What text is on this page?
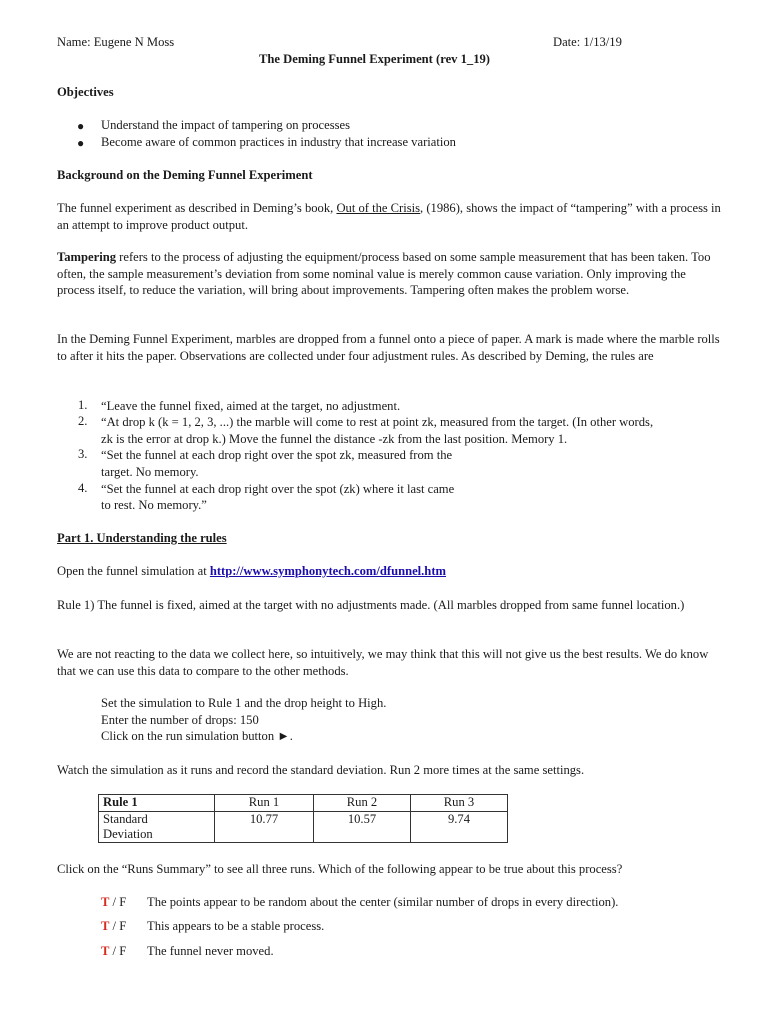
Name: Eugene N Moss	Date: 1/13/19
The Deming Funnel Experiment (rev 1_19)
Objectives
● Understand the impact of tampering on processes
● Become aware of common practices in industry that increase variation
Background on the Deming Funnel Experiment
The funnel experiment as described in Deming’s book, Out of the Crisis, (1986), shows the impact of “tampering” with a process in an attempt to improve product output.
Tampering refers to the process of adjusting the equipment/process based on some sample measurement that has been taken. Too often, the sample measurement’s deviation from some nominal value is merely common cause variation. Only improving the process itself, to reduce the variation, will bring about improvements. Tampering often makes the problem worse.
In the Deming Funnel Experiment, marbles are dropped from a funnel onto a piece of paper. A mark is made where the marble rolls to after it hits the paper. Observations are collected under four adjustment rules. As described by Deming, the rules are
1. “Leave the funnel fixed, aimed at the target, no adjustment.
2. “At drop k (k = 1, 2, 3, ...) the marble will come to rest at point zk, measured from the target. (In other words,
zk is the error at drop k.) Move the funnel the distance -zk from the last position. Memory 1.
3. “Set the funnel at each drop right over the spot zk, measured from the
target. No memory.
4. “Set the funnel at each drop right over the spot (zk) where it last came
to rest. No memory.”
Part 1. Understanding the rules
Open the funnel simulation at http://www.symphonytech.com/dfunnel.htm
Rule 1) The funnel is fixed, aimed at the target with no adjustments made. (All marbles dropped from same funnel location.)
We are not reacting to the data we collect here, so intuitively, we may think that this will not give us the best results. We do know that we can use this data to compare to the other methods.
Set the simulation to Rule 1 and the drop height to High.
Enter the number of drops: 150
Click on the run simulation button ►.
Watch the simulation as it runs and record the standard deviation. Run 2 more times at the same settings.
Rule 1	Run 1	Run 2	Run 3
Standard
Deviation	10.77	10.57	9.74
Click on the “Runs Summary” to see all three runs. Which of the following appear to be true about this process?
T / F The points appear to be random about the center (similar number of drops in every direction).
T / F This appears to be a stable process.
T / F The funnel never moved.
